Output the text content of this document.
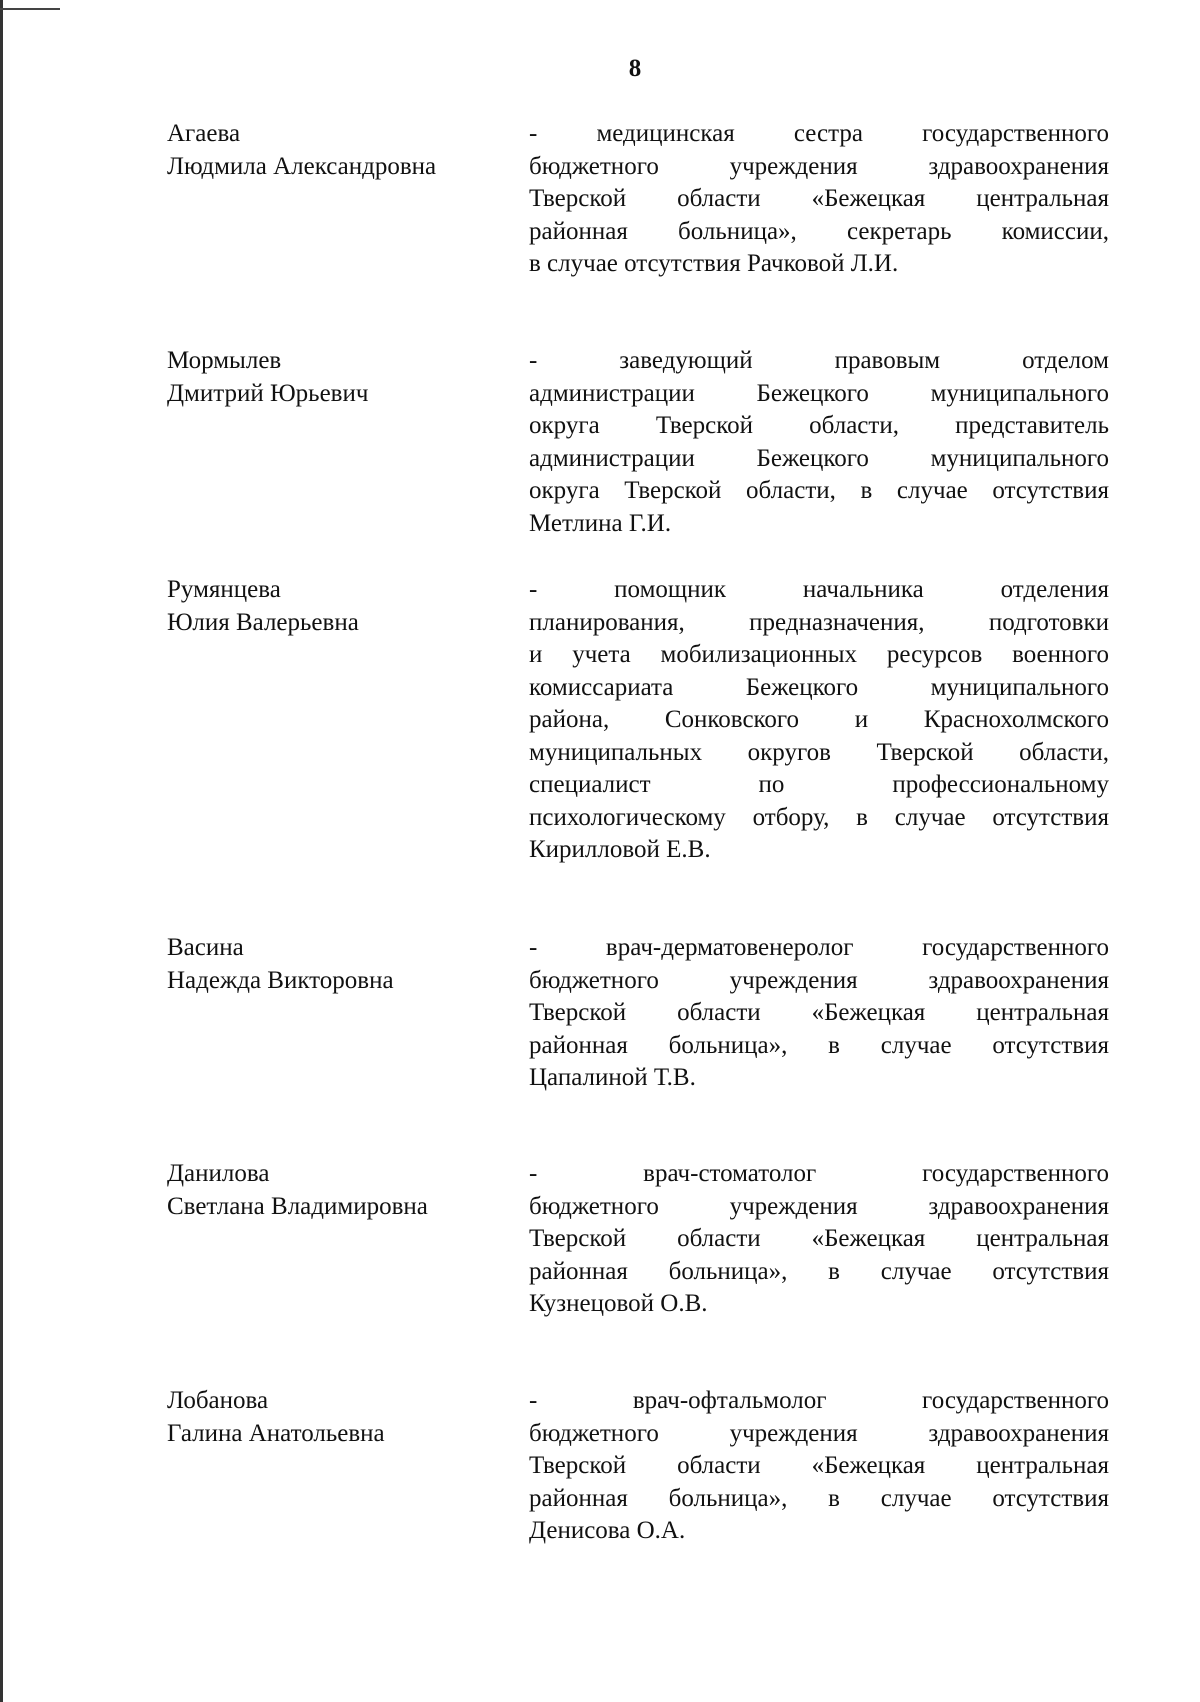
8
Агаева
Людмила Александровна
- медицинская сестра государственного
бюджетного учреждения здравоохранения
Тверской области «Бежецкая центральная
районная больница», секретарь комиссии,
в случае отсутствия Рачковой Л.И.
Мормылев
Дмитрий Юрьевич
- заведующий правовым отделом
администрации Бежецкого муниципального
округа Тверской области, представитель
администрации Бежецкого муниципального
округа Тверской области, в случае отсутствия
Метлина Г.И.
Румянцева
Юлия Валерьевна
- помощник начальника отделения
планирования, предназначения, подготовки
и учета мобилизационных ресурсов военного
комиссариата Бежецкого муниципального
района, Сонковского и Краснохолмского
муниципальных округов Тверской области,
специалист по профессиональному
психологическому отбору, в случае отсутствия
Кирилловой Е.В.
Васина
Надежда Викторовна
- врач-дерматовенеролог государственного
бюджетного учреждения здравоохранения
Тверской области «Бежецкая центральная
районная больница», в случае отсутствия
Цапалиной Т.В.
Данилова
Светлана Владимировна
- врач-стоматолог государственного
бюджетного учреждения здравоохранения
Тверской области «Бежецкая центральная
районная больница», в случае отсутствия
Кузнецовой О.В.
Лобанова
Галина Анатольевна
- врач-офтальмолог государственного
бюджетного учреждения здравоохранения
Тверской области «Бежецкая центральная
районная больница», в случае отсутствия
Денисова О.А.
